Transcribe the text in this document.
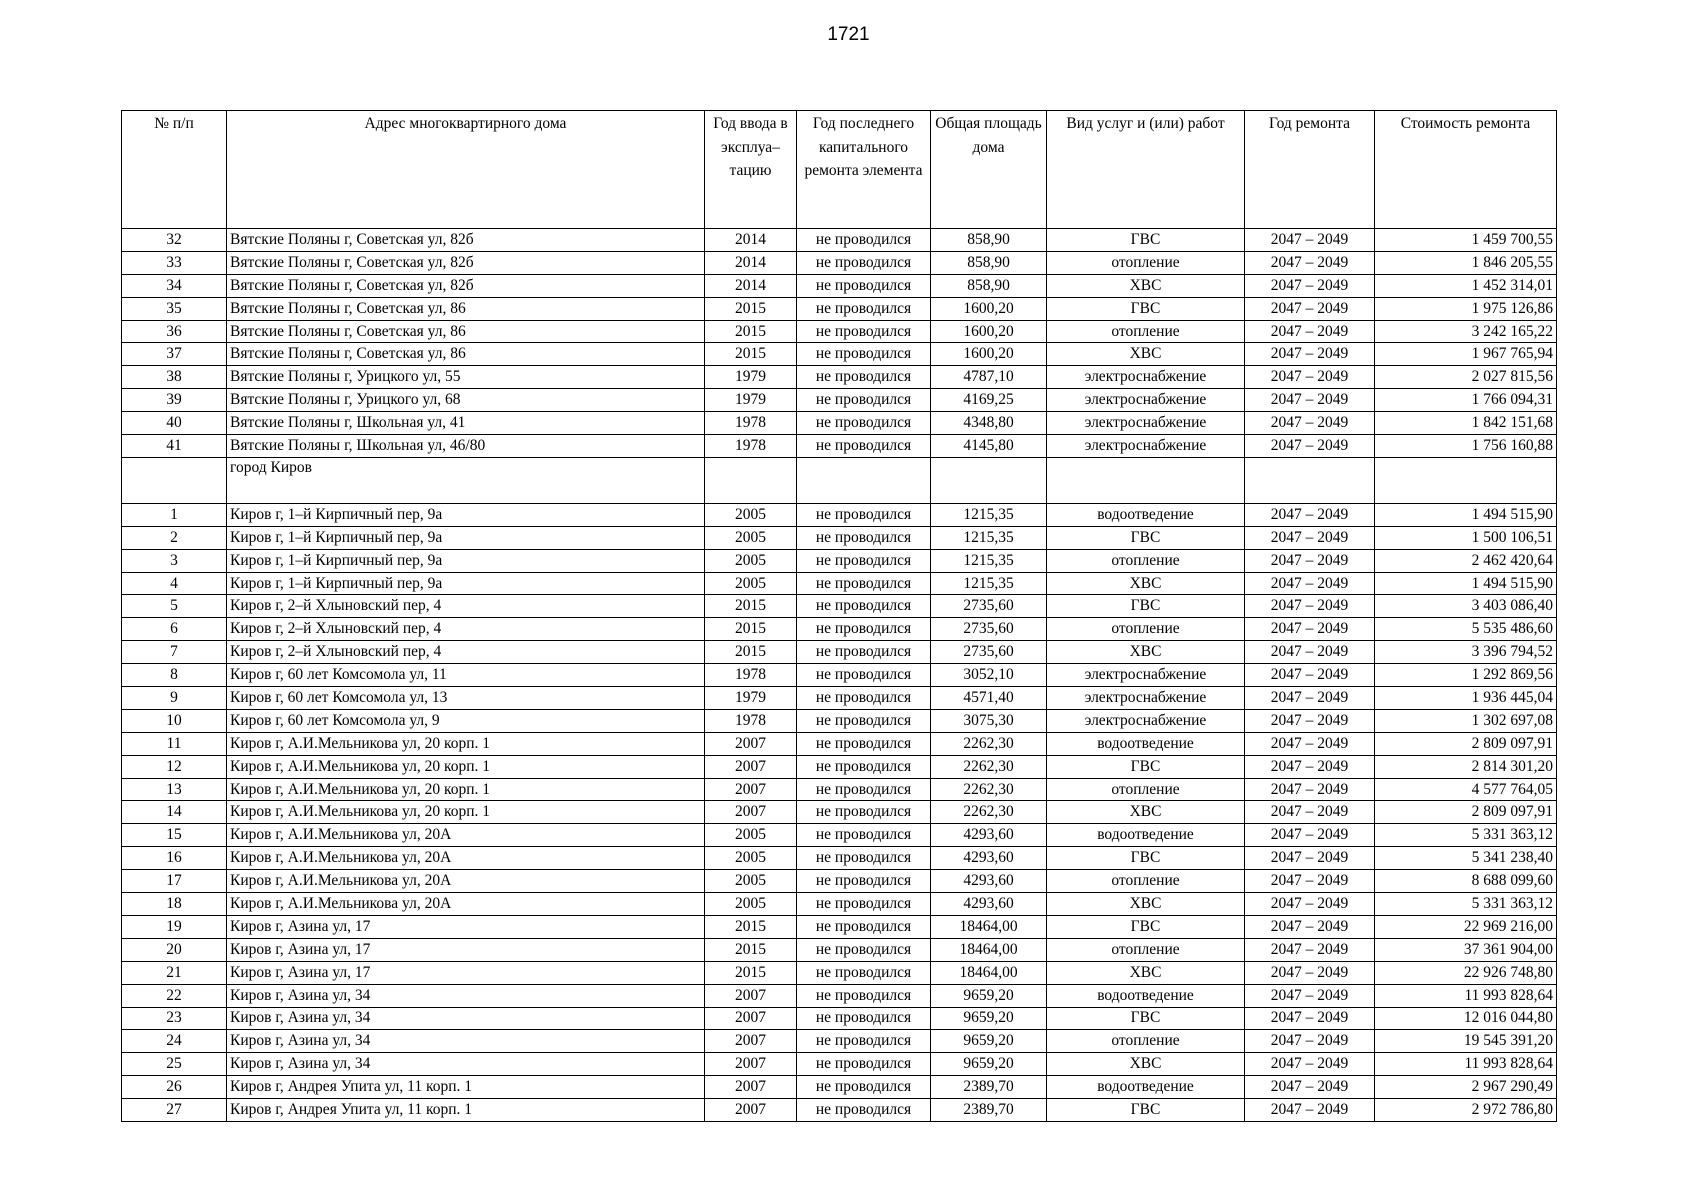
1721
№ п/п	Адрес многоквартирного дома	Год ввода в эксплуа–тацию	Год последнего капитального ремонта элемента	Общая площадь дома	Вид услуг и (или) работ	Год ремонта	Стоимость ремонта
32	Вятские Поляны г, Советская ул, 82б	2014	не проводился	858,90	ГВС	2047 – 2049	1 459 700,55
33	Вятские Поляны г, Советская ул, 82б	2014	не проводился	858,90	отопление	2047 – 2049	1 846 205,55
34	Вятские Поляны г, Советская ул, 82б	2014	не проводился	858,90	ХВС	2047 – 2049	1 452 314,01
35	Вятские Поляны г, Советская ул, 86	2015	не проводился	1600,20	ГВС	2047 – 2049	1 975 126,86
36	Вятские Поляны г, Советская ул, 86	2015	не проводился	1600,20	отопление	2047 – 2049	3 242 165,22
37	Вятские Поляны г, Советская ул, 86	2015	не проводился	1600,20	ХВС	2047 – 2049	1 967 765,94
38	Вятские Поляны г, Урицкого ул, 55	1979	не проводился	4787,10	электроснабжение	2047 – 2049	2 027 815,56
39	Вятские Поляны г, Урицкого ул, 68	1979	не проводился	4169,25	электроснабжение	2047 – 2049	1 766 094,31
40	Вятские Поляны г, Школьная ул, 41	1978	не проводился	4348,80	электроснабжение	2047 – 2049	1 842 151,68
41	Вятские Поляны г, Школьная ул, 46/80	1978	не проводился	4145,80	электроснабжение	2047 – 2049	1 756 160,88
	город Киров						
1	Киров г, 1–й Кирпичный пер, 9а	2005	не проводился	1215,35	водоотведение	2047 – 2049	1 494 515,90
2	Киров г, 1–й Кирпичный пер, 9а	2005	не проводился	1215,35	ГВС	2047 – 2049	1 500 106,51
3	Киров г, 1–й Кирпичный пер, 9а	2005	не проводился	1215,35	отопление	2047 – 2049	2 462 420,64
4	Киров г, 1–й Кирпичный пер, 9а	2005	не проводился	1215,35	ХВС	2047 – 2049	1 494 515,90
5	Киров г, 2–й Хлыновский пер, 4	2015	не проводился	2735,60	ГВС	2047 – 2049	3 403 086,40
6	Киров г, 2–й Хлыновский пер, 4	2015	не проводился	2735,60	отопление	2047 – 2049	5 535 486,60
7	Киров г, 2–й Хлыновский пер, 4	2015	не проводился	2735,60	ХВС	2047 – 2049	3 396 794,52
8	Киров г, 60 лет Комсомола ул, 11	1978	не проводился	3052,10	электроснабжение	2047 – 2049	1 292 869,56
9	Киров г, 60 лет Комсомола ул, 13	1979	не проводился	4571,40	электроснабжение	2047 – 2049	1 936 445,04
10	Киров г, 60 лет Комсомола ул, 9	1978	не проводился	3075,30	электроснабжение	2047 – 2049	1 302 697,08
11	Киров г, А.И.Мельникова ул, 20 корп. 1	2007	не проводился	2262,30	водоотведение	2047 – 2049	2 809 097,91
12	Киров г, А.И.Мельникова ул, 20 корп. 1	2007	не проводился	2262,30	ГВС	2047 – 2049	2 814 301,20
13	Киров г, А.И.Мельникова ул, 20 корп. 1	2007	не проводился	2262,30	отопление	2047 – 2049	4 577 764,05
14	Киров г, А.И.Мельникова ул, 20 корп. 1	2007	не проводился	2262,30	ХВС	2047 – 2049	2 809 097,91
15	Киров г, А.И.Мельникова ул, 20А	2005	не проводился	4293,60	водоотведение	2047 – 2049	5 331 363,12
16	Киров г, А.И.Мельникова ул, 20А	2005	не проводился	4293,60	ГВС	2047 – 2049	5 341 238,40
17	Киров г, А.И.Мельникова ул, 20А	2005	не проводился	4293,60	отопление	2047 – 2049	8 688 099,60
18	Киров г, А.И.Мельникова ул, 20А	2005	не проводился	4293,60	ХВС	2047 – 2049	5 331 363,12
19	Киров г, Азина ул, 17	2015	не проводился	18464,00	ГВС	2047 – 2049	22 969 216,00
20	Киров г, Азина ул, 17	2015	не проводился	18464,00	отопление	2047 – 2049	37 361 904,00
21	Киров г, Азина ул, 17	2015	не проводился	18464,00	ХВС	2047 – 2049	22 926 748,80
22	Киров г, Азина ул, 34	2007	не проводился	9659,20	водоотведение	2047 – 2049	11 993 828,64
23	Киров г, Азина ул, 34	2007	не проводился	9659,20	ГВС	2047 – 2049	12 016 044,80
24	Киров г, Азина ул, 34	2007	не проводился	9659,20	отопление	2047 – 2049	19 545 391,20
25	Киров г, Азина ул, 34	2007	не проводился	9659,20	ХВС	2047 – 2049	11 993 828,64
26	Киров г, Андрея Упита ул, 11 корп. 1	2007	не проводился	2389,70	водоотведение	2047 – 2049	2 967 290,49
27	Киров г, Андрея Упита ул, 11 корп. 1	2007	не проводился	2389,70	ГВС	2047 – 2049	2 972 786,80
